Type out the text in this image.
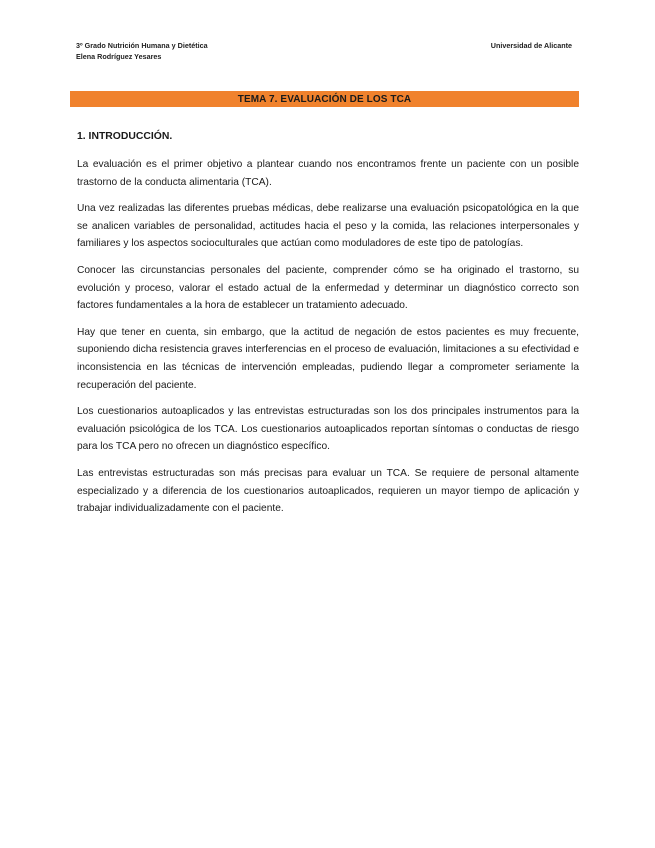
3º Grado Nutrición Humana y Dietética
Elena Rodríguez Yesares
Universidad de Alicante
TEMA 7. EVALUACIÓN DE LOS TCA
1. INTRODUCCIÓN.

La evaluación es el primer objetivo a plantear cuando nos encontramos frente un paciente con un posible trastorno de la conducta alimentaria (TCA).

Una vez realizadas las diferentes pruebas médicas, debe realizarse una evaluación psicopatológica en la que se analicen variables de personalidad, actitudes hacia el peso y la comida, las relaciones interpersonales y familiares y los aspectos socioculturales que actúan como moduladores de este tipo de patologías.

Conocer las circunstancias personales del paciente, comprender cómo se ha originado el trastorno, su evolución y proceso, valorar el estado actual de la enfermedad y determinar un diagnóstico correcto son factores fundamentales a la hora de establecer un tratamiento adecuado.

Hay que tener en cuenta, sin embargo, que la actitud de negación de estos pacientes es muy frecuente, suponiendo dicha resistencia graves interferencias en el proceso de evaluación, limitaciones a su efectividad e inconsistencia en las técnicas de intervención empleadas, pudiendo llegar a comprometer seriamente la recuperación del paciente.

Los cuestionarios autoaplicados y las entrevistas estructuradas son los dos principales instrumentos para la evaluación psicológica de los TCA. Los cuestionarios autoaplicados reportan síntomas o conductas de riesgo para los TCA pero no ofrecen un diagnóstico específico.

Las entrevistas estructuradas son más precisas para evaluar un TCA. Se requiere de personal altamente especializado y a diferencia de los cuestionarios autoaplicados, requieren un mayor tiempo de aplicación y trabajar individualizadamente con el paciente.
